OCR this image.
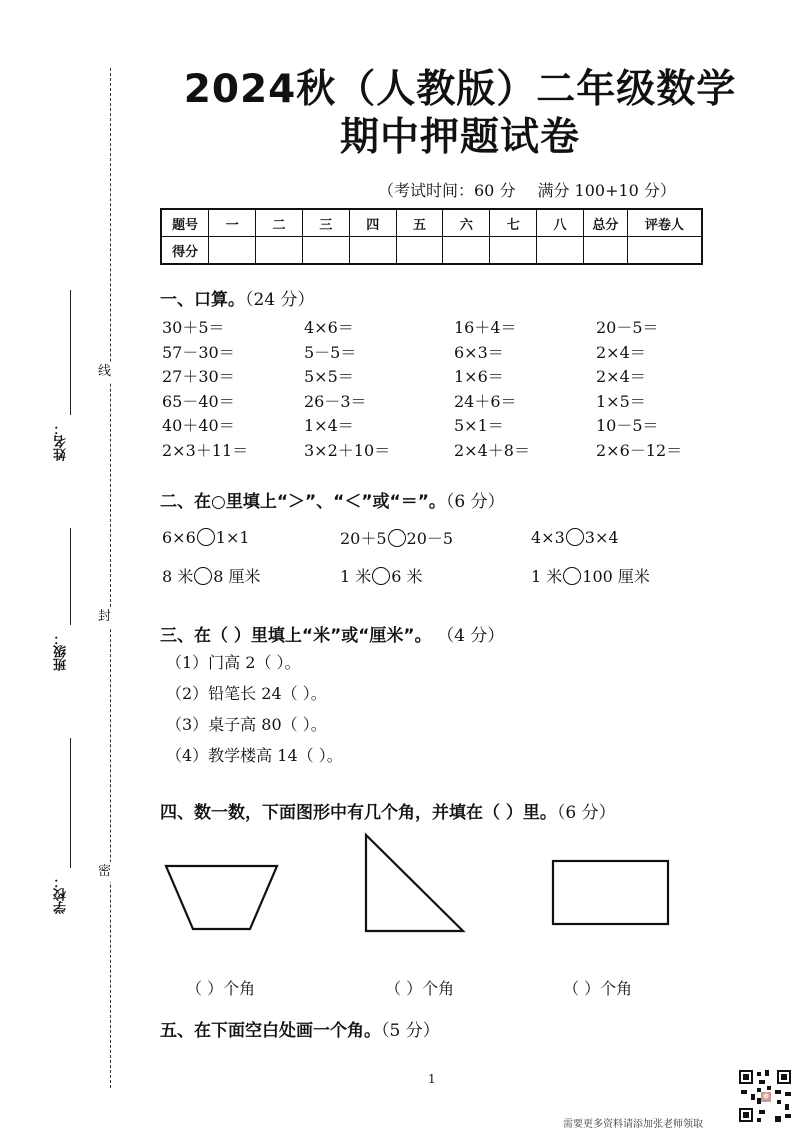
线
封
密
姓名：
班级：
学校：
2024秋（人教版）二年级数学
期中押题试卷
（考试时间：60 分 满分 100+10 分）
题号	一	二	三	四	五	六	七	八	总分	评卷人
得分										
一、口算。（24 分）
30＋5＝	4×6＝	16＋4＝	20－5＝
57－30＝	5－5＝	6×3＝	2×4＝
27＋30＝	5×5＝	1×6＝	2×4＝
65－40＝	26－3＝	24＋6＝	1×5＝
40＋40＝	1×4＝	5×1＝	10－5＝
2×3＋11＝	3×2＋10＝	2×4＋8＝	2×6－12＝
二、在○里填上“＞”、“＜”或“＝”。（6 分）
6×6 1×1	20＋5 20－5	4×3 3×4
8 米 8 厘米	1 米 6 米	1 米 100 厘米
三、在（ ）里填上“米”或“厘米”。 （4 分）
（1）门高 2（ ）。
（2）铅笔长 24（ ）。
（3）桌子高 80（ ）。
（4）教学楼高 14（ ）。
四、数一数，下面图形中有几个角，并填在（ ）里。（6 分）
（ ）个角	（ ）个角	（ ）个角
五、在下面空白处画一个角。（5 分）
1
需要更多资料请添加张老师领取
